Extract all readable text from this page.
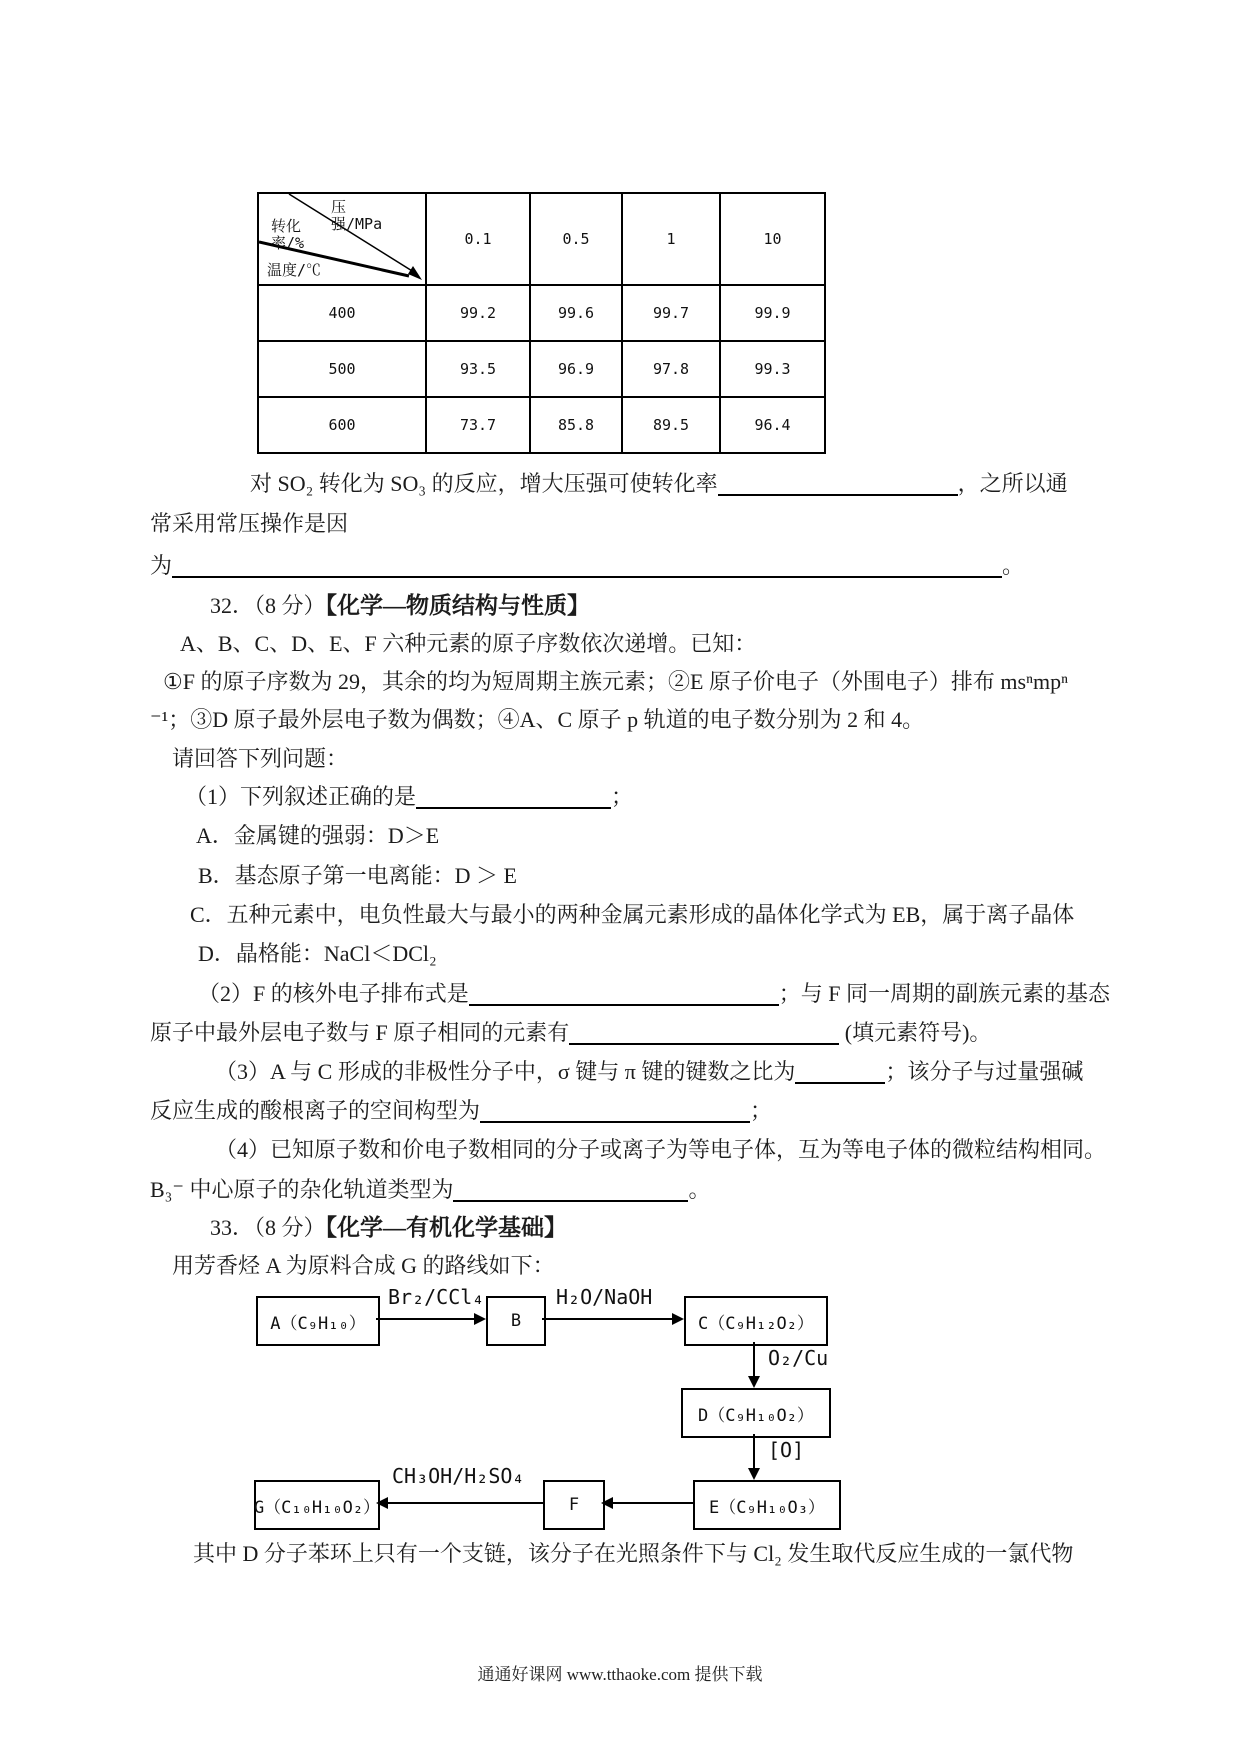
压强/MPa
转化率/%
温度/℃	0.1	0.5	1	10
400	99.2	99.6	99.7	99.9
500	93.5	96.9	97.8	99.3
600	73.7	85.8	89.5	96.4
对 SO₂ 转化为 SO₃ 的反应，增大压强可使转化率	，之所以通
常采用常压操作是因
为	。
32．（8 分）【化学—物质结构与性质】
A、B、C、D、E、F 六种元素的原子序数依次递增。已知：
①F 的原子序数为 29，其余的均为短周期主族元素；②E 原子价电子（外围电子）排布 msⁿmpⁿ
⁻¹；③D 原子最外层电子数为偶数；④A、C 原子 p 轨道的电子数分别为 2 和 4。
请回答下列问题：
（1）下列叙述正确的是	；
A．金属键的强弱：D＞E
B．基态原子第一电离能：D ＞ E
C．五种元素中，电负性最大与最小的两种金属元素形成的晶体化学式为 EB，属于离子晶体
D．晶格能：NaCl＜DCl₂
（2）F 的核外电子排布式是	；与 F 同一周期的副族元素的基态
原子中最外层电子数与 F 原子相同的元素有	(填元素符号)。
（3）A 与 C 形成的非极性分子中，σ 键与 π 键的键数之比为	；该分子与过量强碱
反应生成的酸根离子的空间构型为	；
（4）已知原子数和价电子数相同的分子或离子为等电子体，互为等电子体的微粒结构相同。
B₃⁻ 中心原子的杂化轨道类型为	。
33．（8 分）【化学—有机化学基础】
用芳香烃 A 为原料合成 G 的路线如下：
A（C₉H₁₀）	B	C（C₉H₁₂O₂）
D（C₉H₁₀O₂）
E（C₉H₁₀O₃）
F
G（C₁₀H₁₀O₂）
Br₂/CCl₄	H₂O/NaOH
O₂/Cu
[O]
CH₃OH/H₂SO₄
其中 D 分子苯环上只有一个支链，该分子在光照条件下与 Cl₂ 发生取代反应生成的一氯代物
通通好课网 www.tthaoke.com 提供下载
